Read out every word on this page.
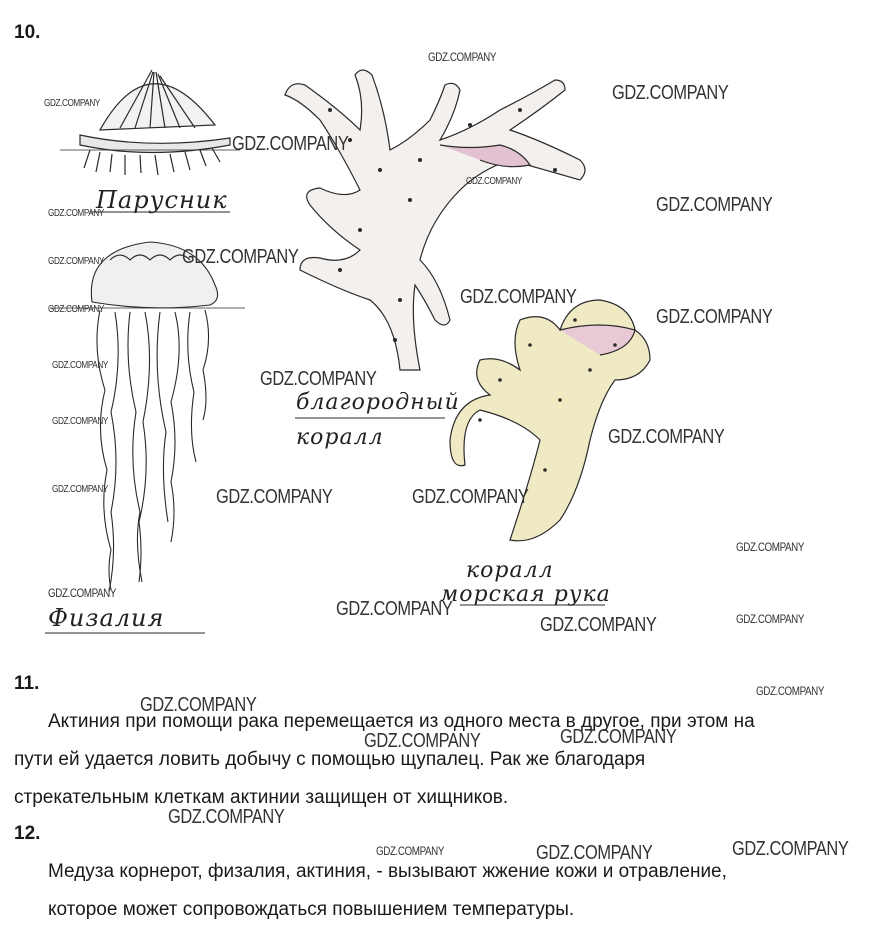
Парусник
Физалия
благородный
коралл
коралл
морская рука
10.
11.
12.

Актиния при помощи рака перемещается из одного места в другое, при этом на
пути ей удается ловить добычу с помощью щупалец. Рак же благодаря
стрекательным клеткам актинии защищен от хищников.

Медуза корнерот, физалия, актиния, - вызывают жжение кожи и отравление,
которое может сопровождаться повышением температуры.

GDZ.COMPANY
GDZ.COMPANY
GDZ.COMPANY
GDZ.COMPANY
GDZ.COMPANY
GDZ.COMPANY
GDZ.COMPANY
GDZ.COMPANY
GDZ.COMPANY
GDZ.COMPANY
GDZ.COMPANY	GDZ.COMPANY
GDZ.COMPANY
GDZ.COMPANY
GDZ.COMPANY
GDZ.COMPANY
GDZ.COMPANY	GDZ.COMPANY	GDZ.COMPANY
GDZ.COMPANY
GDZ.COMPANY
GDZ.COMPANY	GDZ.COMPANY
GDZ.COMPANY
GDZ.COMPANY
GDZ.COMPANY
GDZ.COMPANY	GDZ.COMPANY
GDZ.COMPANY
GDZ.COMPANY	GDZ.COMPANY	GDZ.COMPANY
